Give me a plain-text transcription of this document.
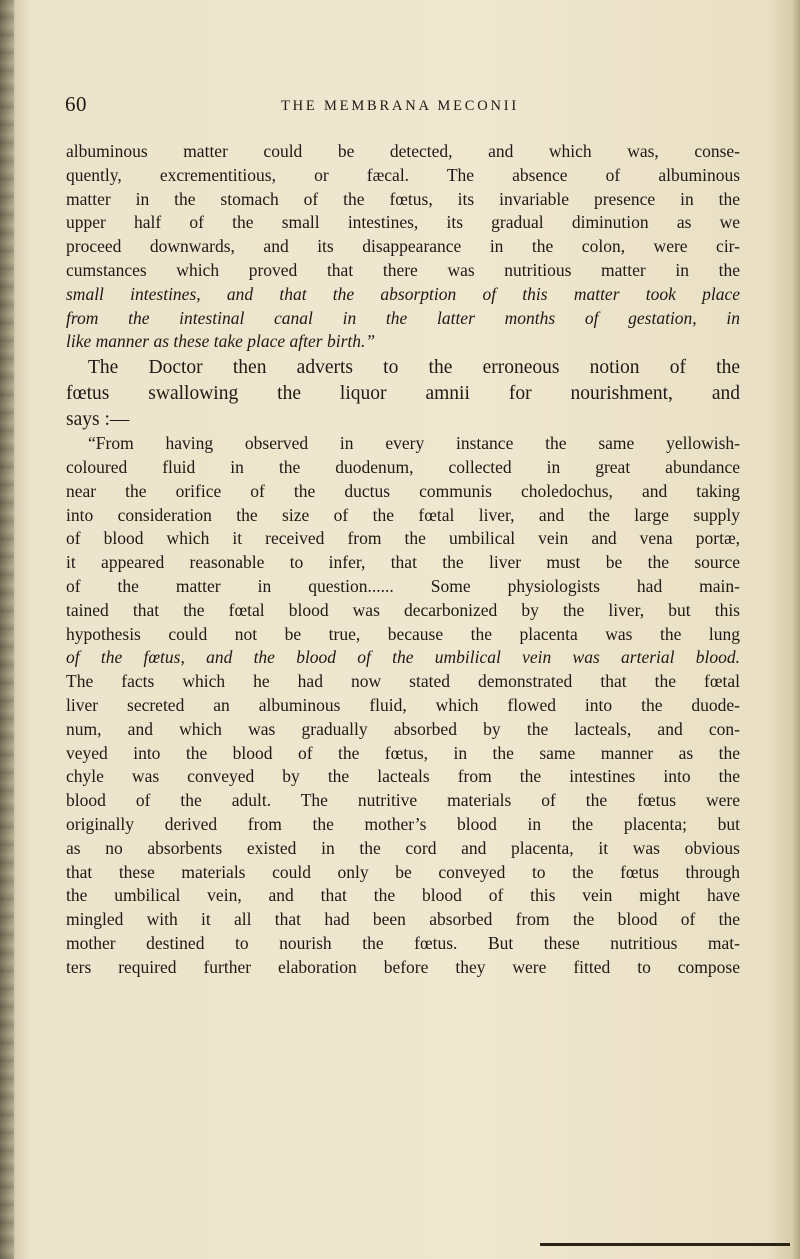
60	THE MEMBRANA MECONII
albuminous matter could be detected, and which was, conse-
quently, excrementitious, or fæcal. The absence of albuminous
matter in the stomach of the fœtus, its invariable presence in the
upper half of the small intestines, its gradual diminution as we
proceed downwards, and its disappearance in the colon, were cir-
cumstances which proved that there was nutritious matter in the
small intestines, and that the absorption of this matter took place
from the intestinal canal in the latter months of gestation, in
like manner as these take place after birth.”
The Doctor then adverts to the erroneous notion of the
fœtus swallowing the liquor amnii for nourishment, and
says :—
“From having observed in every instance the same yellowish-
coloured fluid in the duodenum, collected in great abundance
near the orifice of the ductus communis choledochus, and taking
into consideration the size of the fœtal liver, and the large supply
of blood which it received from the umbilical vein and vena portæ,
it appeared reasonable to infer, that the liver must be the source
of the matter in question...... Some physiologists had main-
tained that the fœtal blood was decarbonized by the liver, but this
hypothesis could not be true, because the placenta was the lung
of the fœtus, and the blood of the umbilical vein was arterial blood.
The facts which he had now stated demonstrated that the fœtal
liver secreted an albuminous fluid, which flowed into the duode-
num, and which was gradually absorbed by the lacteals, and con-
veyed into the blood of the fœtus, in the same manner as the
chyle was conveyed by the lacteals from the intestines into the
blood of the adult. The nutritive materials of the fœtus were
originally derived from the mother’s blood in the placenta; but
as no absorbents existed in the cord and placenta, it was obvious
that these materials could only be conveyed to the fœtus through
the umbilical vein, and that the blood of this vein might have
mingled with it all that had been absorbed from the blood of the
mother destined to nourish the fœtus. But these nutritious mat-
ters required further elaboration before they were fitted to compose
